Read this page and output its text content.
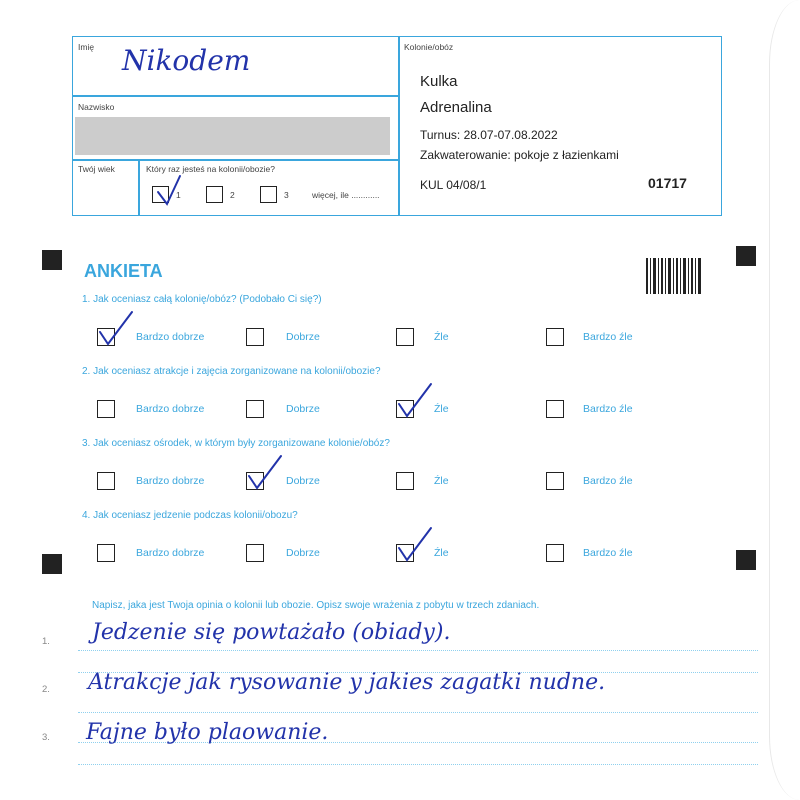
Imię Nikodem
Nazwisko
Twój wiek	Który raz jesteś na kolonii/obozie?
1	2	3	więcej, ile ............
Kolonie/obóz
Kulka
Adrenalina
Turnus: 28.07-07.08.2022
Zakwaterowanie: pokoje z łazienkami
KUL 04/08/1	01717
ANKIETA
1. Jak oceniasz całą kolonię/obóz? (Podobało Ci się?)
Bardzo dobrze	Dobrze	Źle	Bardzo źle
2. Jak oceniasz atrakcje i zajęcia zorganizowane na kolonii/obozie?
Bardzo dobrze	Dobrze	Źle	Bardzo źle
3. Jak oceniasz ośrodek, w którym były zorganizowane kolonie/obóz?
Bardzo dobrze	Dobrze	Źle	Bardzo źle
4. Jak oceniasz jedzenie podczas kolonii/obozu?
Bardzo dobrze	Dobrze	Źle	Bardzo źle
Napisz, jaka jest Twoja opinia o kolonii lub obozie. Opisz swoje wrażenia z pobytu w trzech zdaniach.
1. Jedzenie się powtażało (obiady).
2. Atrakcje jak rysowanie y jakies zagatki nudne.
3. Fajne było plaowanie.
